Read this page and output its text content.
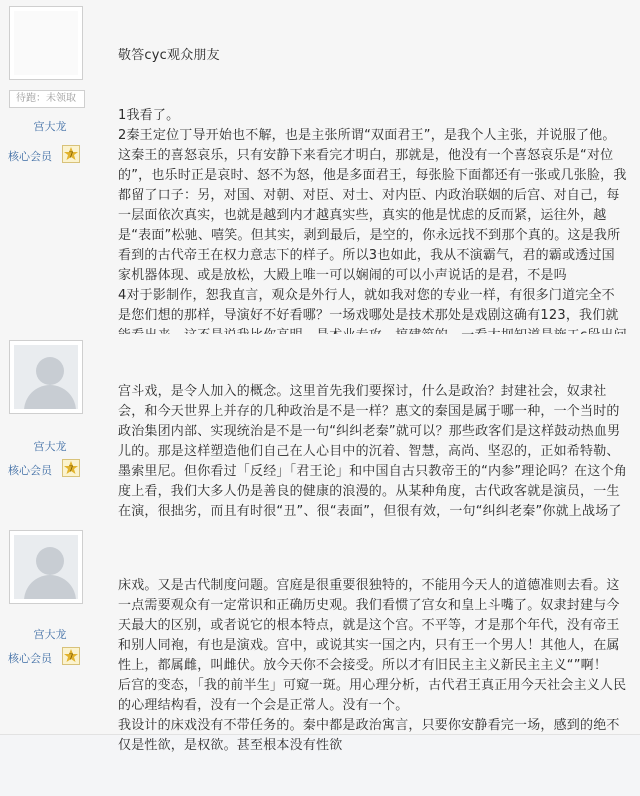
待跑：未领取
宫大龙
核心会员 7

敬答cyc观众朋友

1我看了。
2秦王定位丁导开始也不解，也是主张所谓“双面君王”，是我个人主张，并说服了他。这秦王的喜怒哀乐，只有安静下来看完才明白，那就是，他没有一个喜怒哀乐是“对位的”，也乐时正是哀时、怒不为怒，他是多面君王，每张脸下面都还有一张或几张脸，我都留了口子：另，对国、对朝、对臣、对士、对内臣、内政治联姻的后宫、对自己，每一层面依次真实，也就是越到内才越真实些，真实的他是忧虑的反而紧，运往外，越是“表面”松驰、嘻笑。但其实，剥到最后，是空的，你永远找不到那个真的。这是我所看到的古代帝王在权力意志下的样子。所以3也如此，我从不演霸气，君的霸或透过国家机器体现、或是放松，大殿上唯一可以娴闹的可以小声说话的是君，不是吗
4对于影制作，恕我直言，观众是外行人，就如我对您的专业一样，有很多门道完全不是您们想的那样，导演好不好看哪？一场戏哪处是技术那处是戏剧这确有123，我们就

宫大龙
核心会员 7

宫斗戏，是令人加入的概念。这里首先我们要探讨，什么是政治？封建社会，奴隶社会，和今天世界上并存的几种政治是不是一样？惠文的秦国是属于哪一种，一个当时的政治集团内部、实现统治是不是一句“纠纠老秦”就可以？那些政客们是这样鼓动热血男儿的。那是这样塑造他们自己在人心目中的沉着、智慧，高尚、坚忍的，正如希特勒、墨索里尼。但你看过「反经」「君王论」和中国自古只教帝王的“内参”理论吗？在这个角度上看，我们大多人仍是善良的健康的浪漫的。从某种角度，古代政客就是演员，一生在演，很拙劣，而且有时很“丑”、很“表面”，但很有效，一句“纠纠老秦”你就上战场了

宫大龙
核心会员 7

床戏。又是古代制度问题。宫庭是很重要很独特的，不能用今天人的道德准则去看。这一点需要观众有一定常识和正确历史观。我们看惯了宫女和皇上斗嘴了。奴隶封建与今天最大的区别，或者说它的根本特点，就是这个宫。不平等，才是那个年代，没有帝王和别人同袍，有也是演戏。宫中，或说其实一国之内，只有王一个男人！其他人，在属性上，都属雌，叫雌伏。放今天你不会接受。所以才有旧民主主义新民主主义“”啊！
后宫的变态，「我的前半生」可窥一斑。用心理分析，古代君王真正用今天社会主义人民的心理结构看，没有一个会是正常人。没有一个。
我设计的床戏没有不带任务的。秦中都是政治寓言，只要你安静看完一场，感到的绝不仅是性欲，是权欲。甚至根本没有性欲
